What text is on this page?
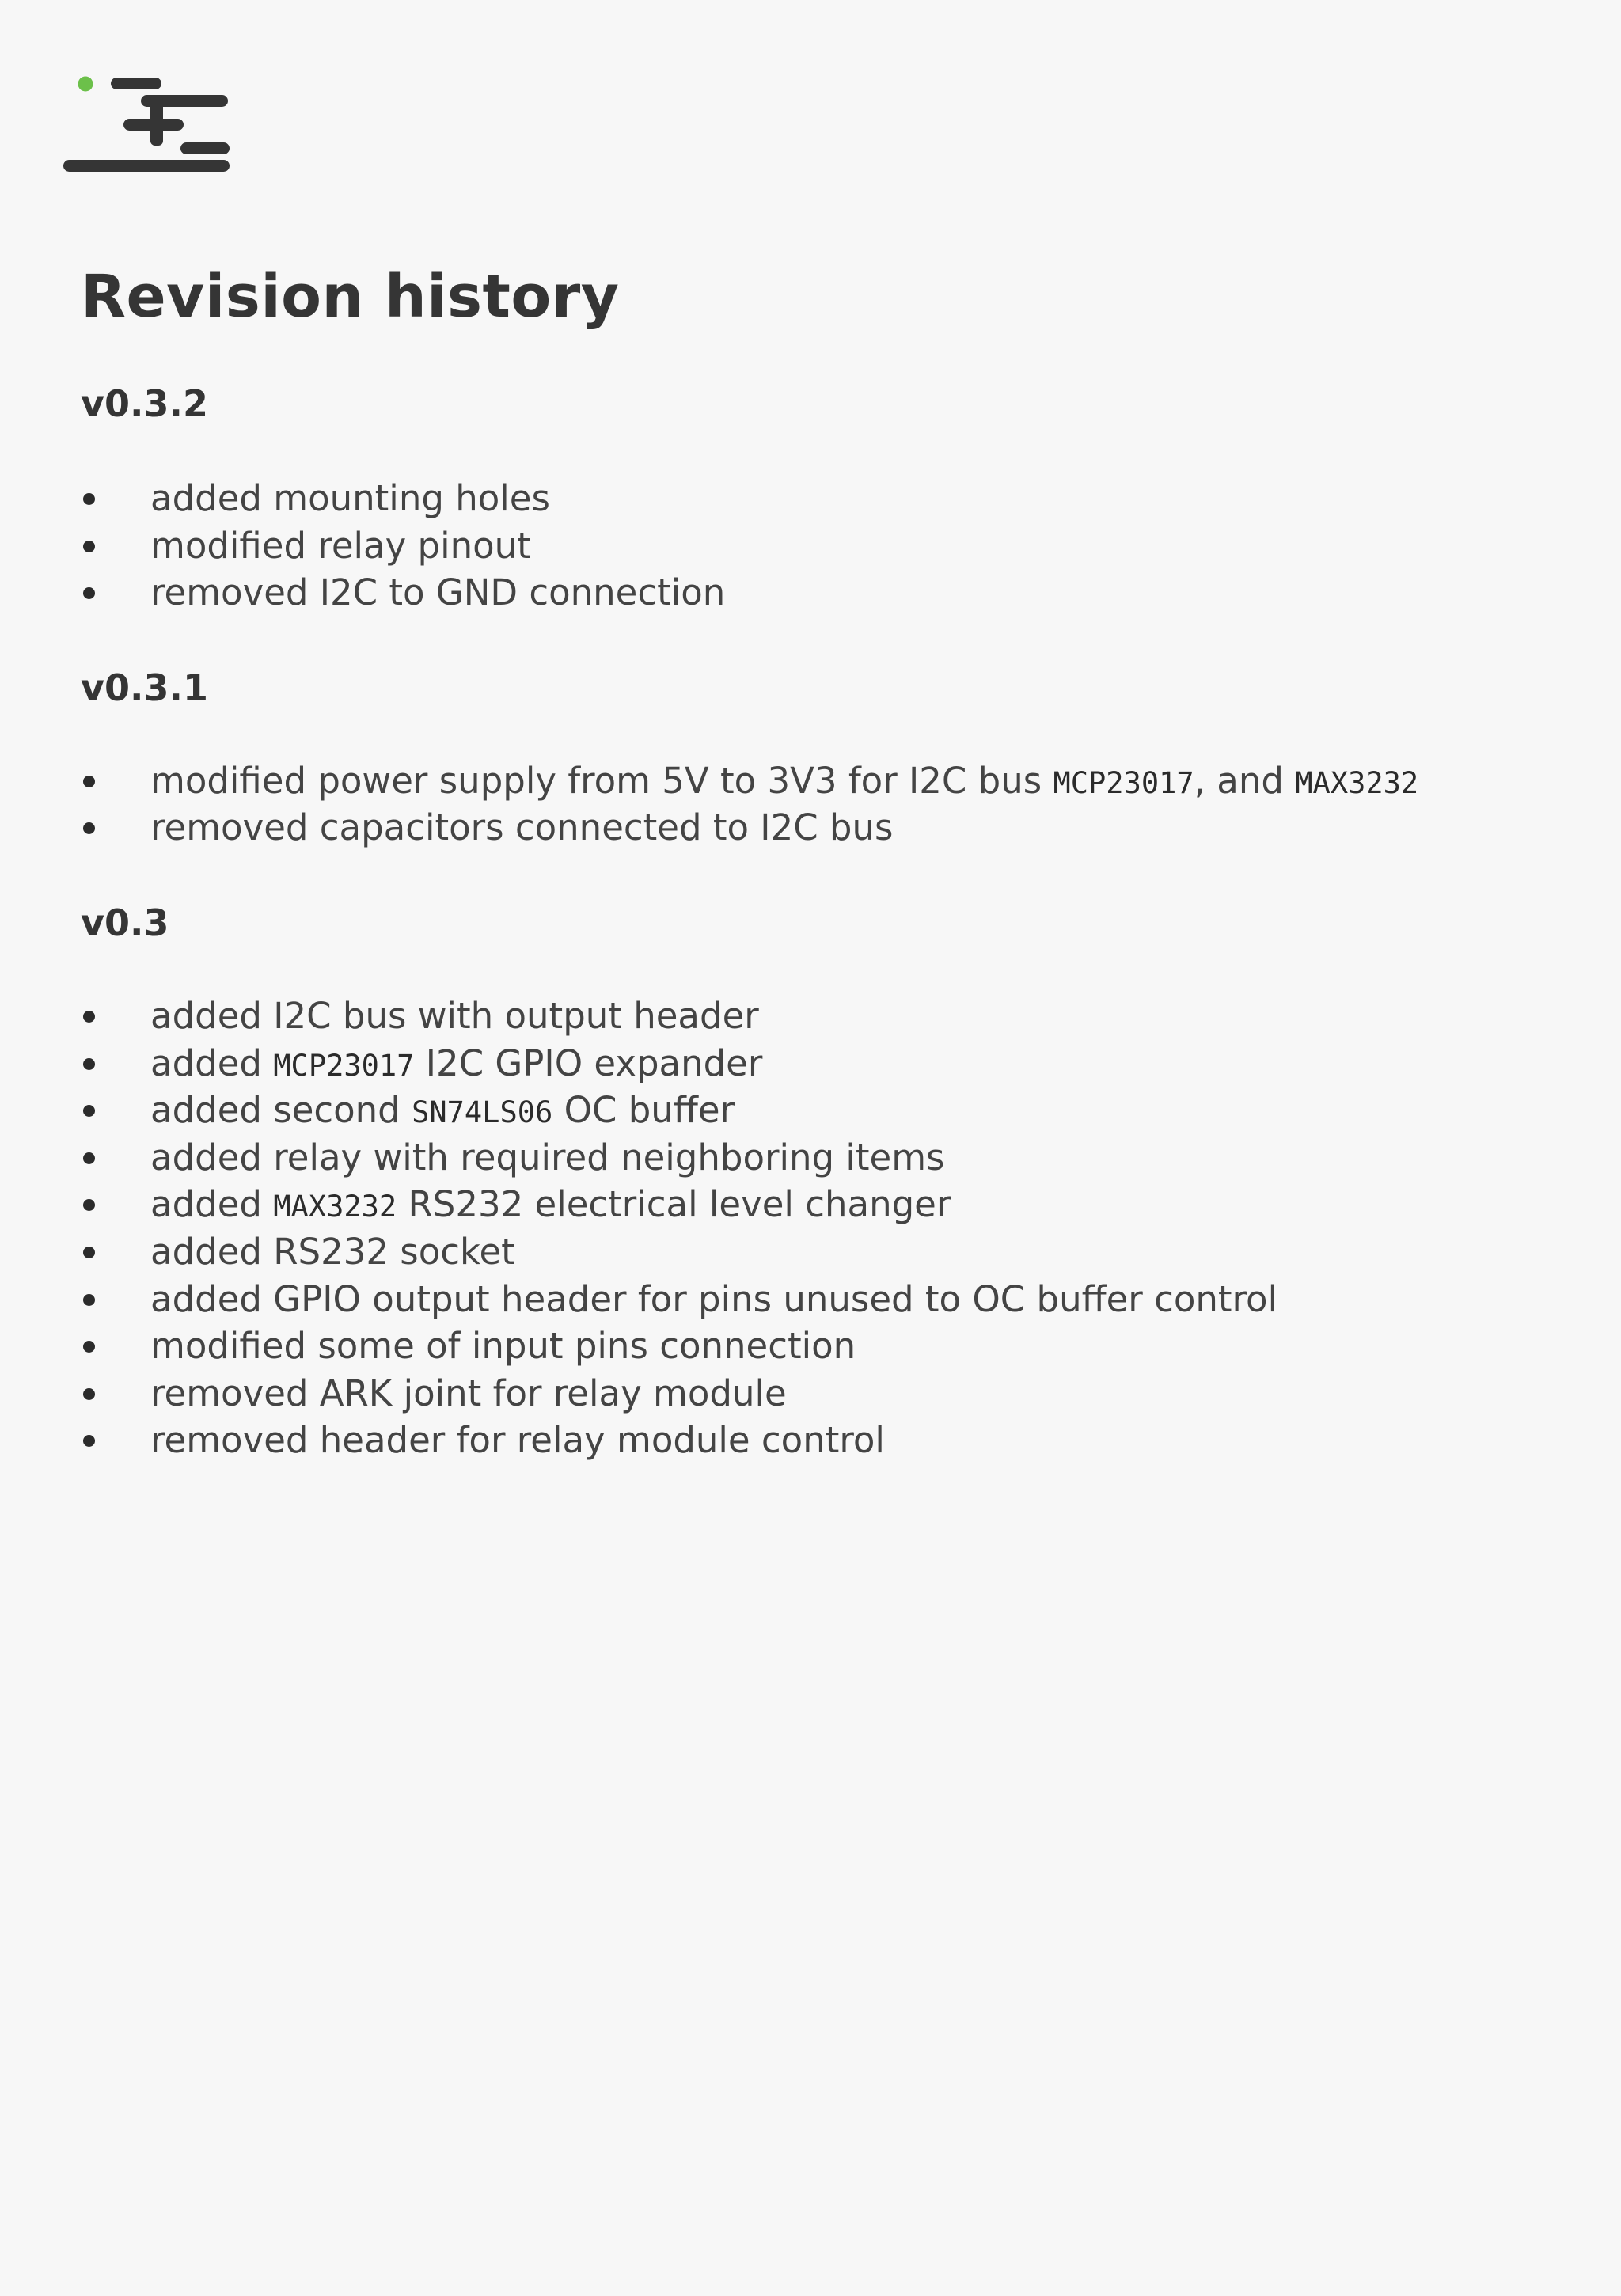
Revision history
v0.3.2
added mounting holes
modified relay pinout
removed I2C to GND connection
v0.3.1
modified power supply from 5V to 3V3 for I2C bus MCP23017, and MAX3232
removed capacitors connected to I2C bus
v0.3
added I2C bus with output header
added MCP23017 I2C GPIO expander
added second SN74LS06 OC buffer
added relay with required neighboring items
added MAX3232 RS232 electrical level changer
added RS232 socket
added GPIO output header for pins unused to OC buffer control
modified some of input pins connection
removed ARK joint for relay module
removed header for relay module control
